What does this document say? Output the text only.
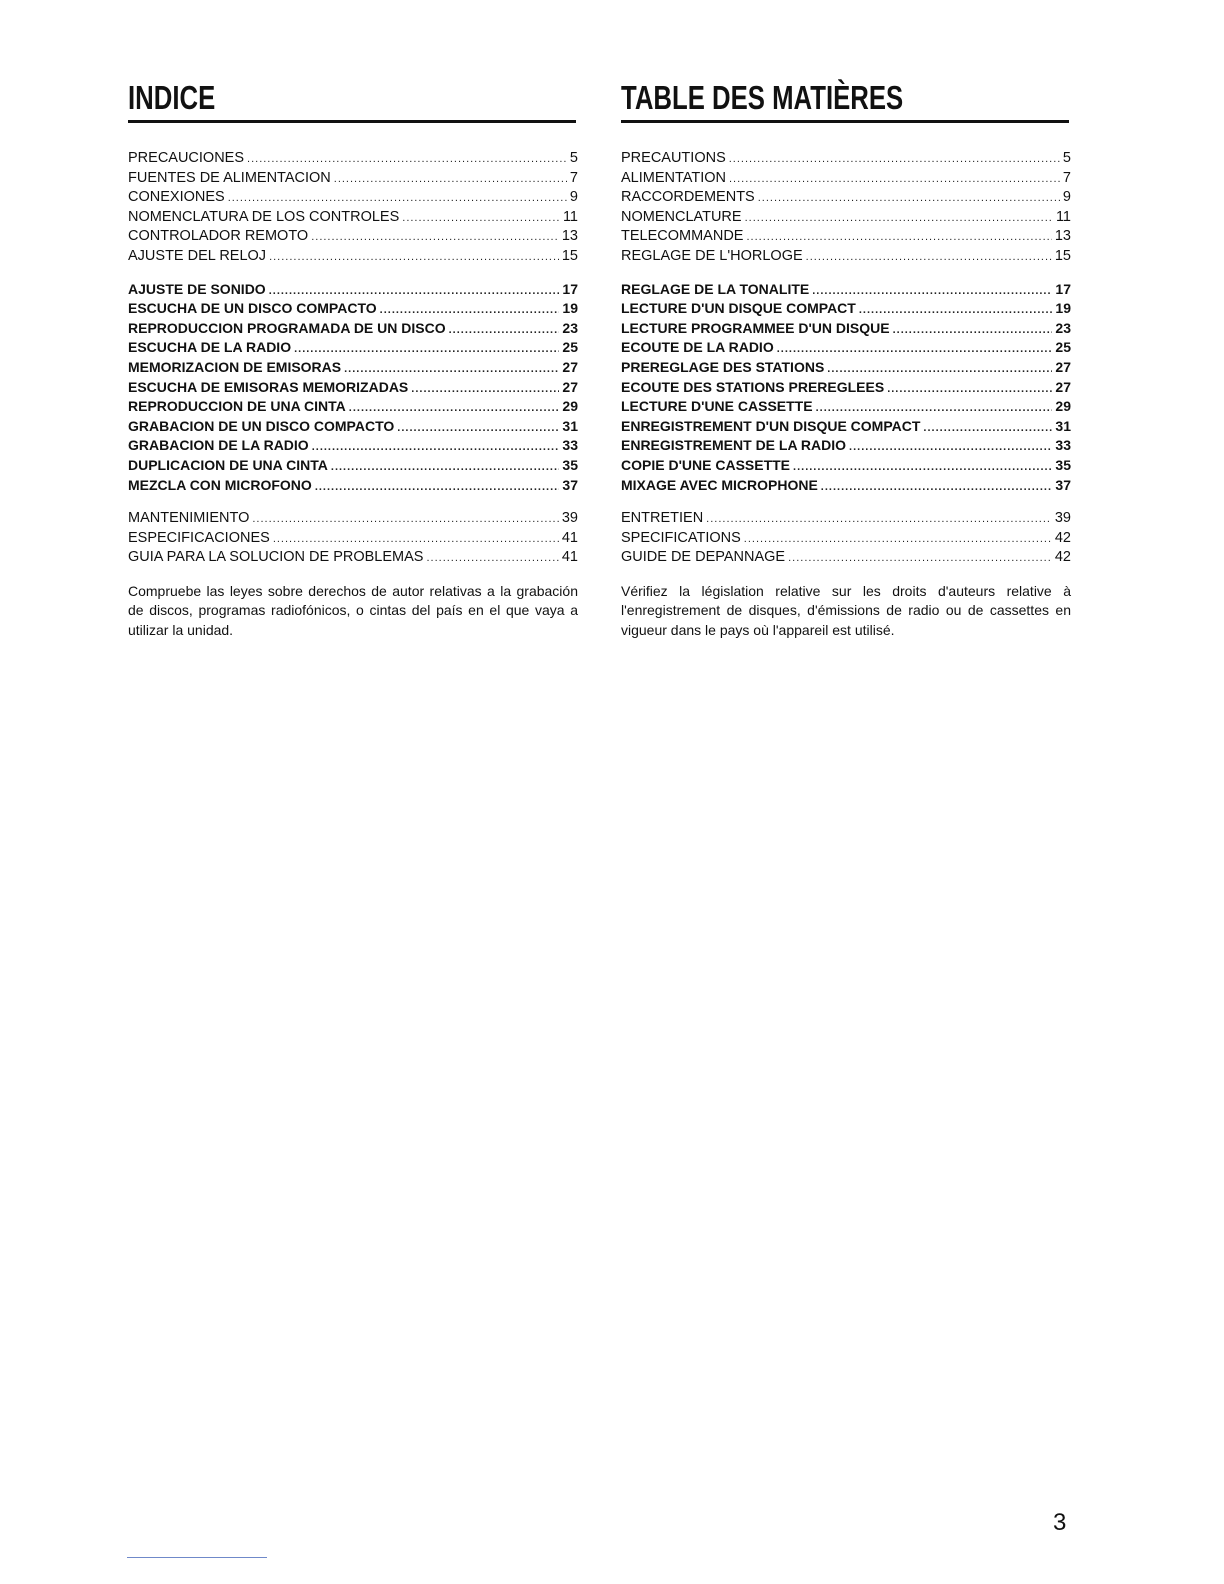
INDICE
PRECAUCIONES .....	5
FUENTES DE ALIMENTACION .....	7
CONEXIONES .....	9
NOMENCLATURA DE LOS CONTROLES .....	11
CONTROLADOR REMOTO .....	13
AJUSTE DEL RELOJ .....	15
AJUSTE DE SONIDO .....	17
ESCUCHA DE UN DISCO COMPACTO .....	19
REPRODUCCION PROGRAMADA DE UN DISCO .....	23
ESCUCHA DE LA RADIO .....	25
MEMORIZACION DE EMISORAS .....	27
ESCUCHA DE EMISORAS MEMORIZADAS .....	27
REPRODUCCION DE UNA CINTA .....	29
GRABACION DE UN DISCO COMPACTO .....	31
GRABACION DE LA RADIO .....	33
DUPLICACION DE UNA CINTA .....	35
MEZCLA CON MICROFONO .....	37
MANTENIMIENTO .....	39
ESPECIFICACIONES .....	41
GUIA PARA LA SOLUCION DE PROBLEMAS .....	41

Compruebe las leyes sobre derechos de autor relativas a la grabación de discos, programas radiofónicos, o cintas del país en el que vaya a utilizar la unidad.

TABLE DES MATIÈRES
PRECAUTIONS .....	5
ALIMENTATION .....	7
RACCORDEMENTS .....	9
NOMENCLATURE .....	11
TELECOMMANDE .....	13
REGLAGE DE L'HORLOGE .....	15
REGLAGE DE LA TONALITE .....	17
LECTURE D'UN DISQUE COMPACT .....	19
LECTURE PROGRAMMEE D'UN DISQUE .....	23
ECOUTE DE LA RADIO .....	25
PREREGLAGE DES STATIONS .....	27
ECOUTE DES STATIONS PREREGLEES .....	27
LECTURE D'UNE CASSETTE .....	29
ENREGISTREMENT D'UN DISQUE COMPACT .....	31
ENREGISTREMENT DE LA RADIO .....	33
COPIE D'UNE CASSETTE .....	35
MIXAGE AVEC MICROPHONE .....	37
ENTRETIEN .....	39
SPECIFICATIONS .....	42
GUIDE DE DEPANNAGE .....	42

Vérifiez la législation relative sur les droits d'auteurs relative à l'enregistrement de disques, d'émissions de radio ou de cassettes en vigueur dans le pays où l'appareil est utilisé.

3
